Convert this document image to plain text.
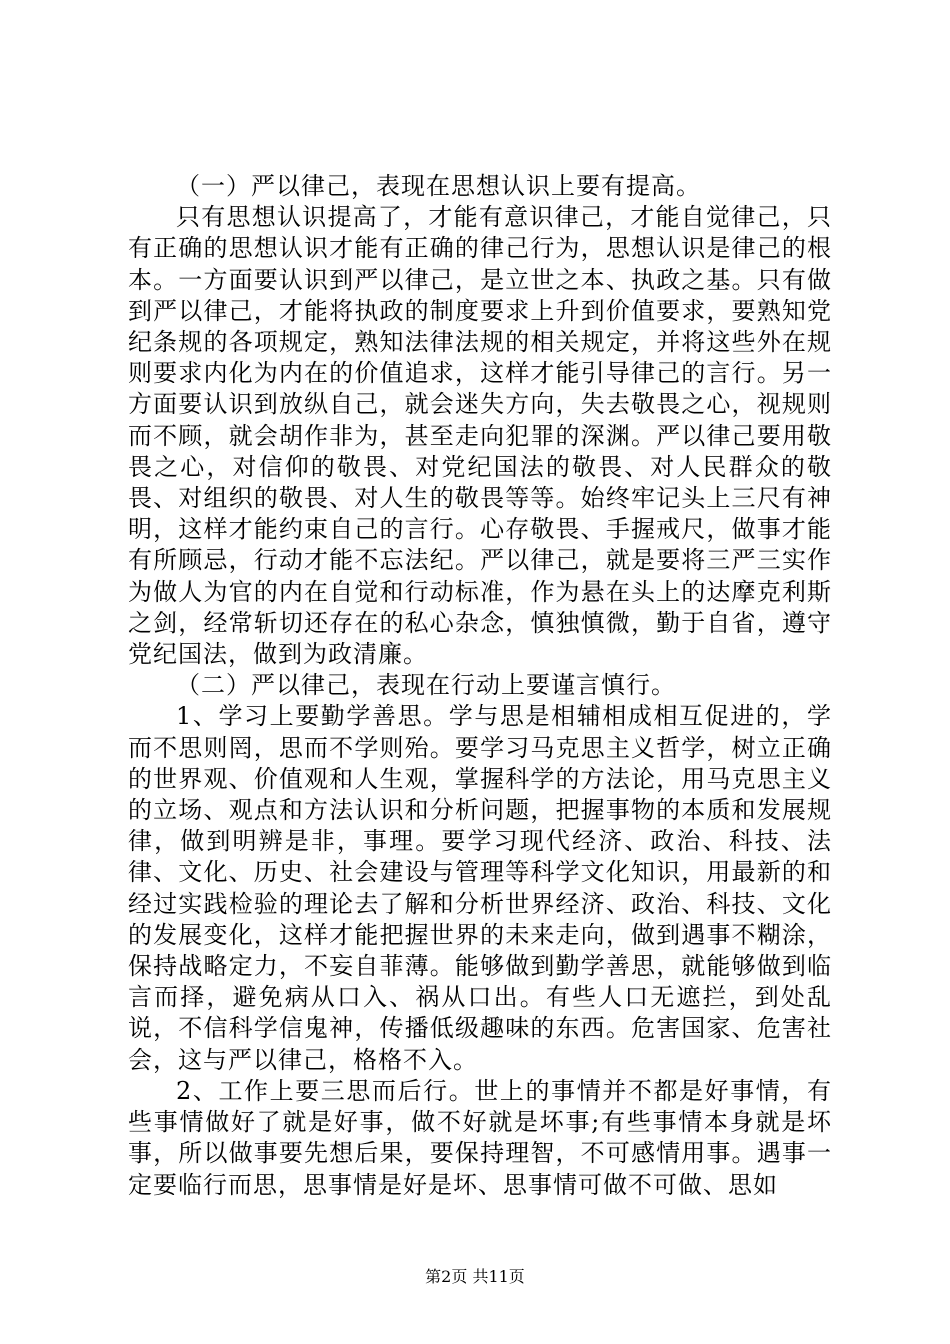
（一）严以律己，表现在思想认识上要有提高。

只有思想认识提高了，才能有意识律己，才能自觉律己，只有正确的思想认识才能有正确的律己行为，思想认识是律己的根本。一方面要认识到严以律己，是立世之本、执政之基。只有做到严以律己，才能将执政的制度要求上升到价值要求，要熟知党纪条规的各项规定，熟知法律法规的相关规定，并将这些外在规则要求内化为内在的价值追求，这样才能引导律己的言行。另一方面要认识到放纵自己，就会迷失方向，失去敬畏之心，视规则而不顾，就会胡作非为，甚至走向犯罪的深渊。严以律己要用敬畏之心，对信仰的敬畏、对党纪国法的敬畏、对人民群众的敬畏、对组织的敬畏、对人生的敬畏等等。始终牢记头上三尺有神明，这样才能约束自己的言行。心存敬畏、手握戒尺，做事才能有所顾忌，行动才能不忘法纪。严以律己，就是要将三严三实作为做人为官的内在自觉和行动标准，作为悬在头上的达摩克利斯之剑，经常斩切还存在的私心杂念，慎独慎微，勤于自省，遵守党纪国法，做到为政清廉。

（二）严以律己，表现在行动上要谨言慎行。

1、学习上要勤学善思。学与思是相辅相成相互促进的，学而不思则罔，思而不学则殆。要学习马克思主义哲学，树立正确的世界观、价值观和人生观，掌握科学的方法论，用马克思主义的立场、观点和方法认识和分析问题，把握事物的本质和发展规律，做到明辨是非，事理。要学习现代经济、政治、科技、法律、文化、历史、社会建设与管理等科学文化知识，用最新的和经过实践检验的理论去了解和分析世界经济、政治、科技、文化的发展变化，这样才能把握世界的未来走向，做到遇事不糊涂，保持战略定力，不妄自菲薄。能够做到勤学善思，就能够做到临言而择，避免病从口入、祸从口出。有些人口无遮拦，到处乱说，不信科学信鬼神，传播低级趣味的东西。危害国家、危害社会，这与严以律己，格格不入。

2、工作上要三思而后行。世上的事情并不都是好事情，有些事情做好了就是好事，做不好就是坏事;有些事情本身就是坏事，所以做事要先想后果，要保持理智，不可感情用事。遇事一定要临行而思，思事情是好是坏、思事情可做不可做、思如

第2页 共11页
